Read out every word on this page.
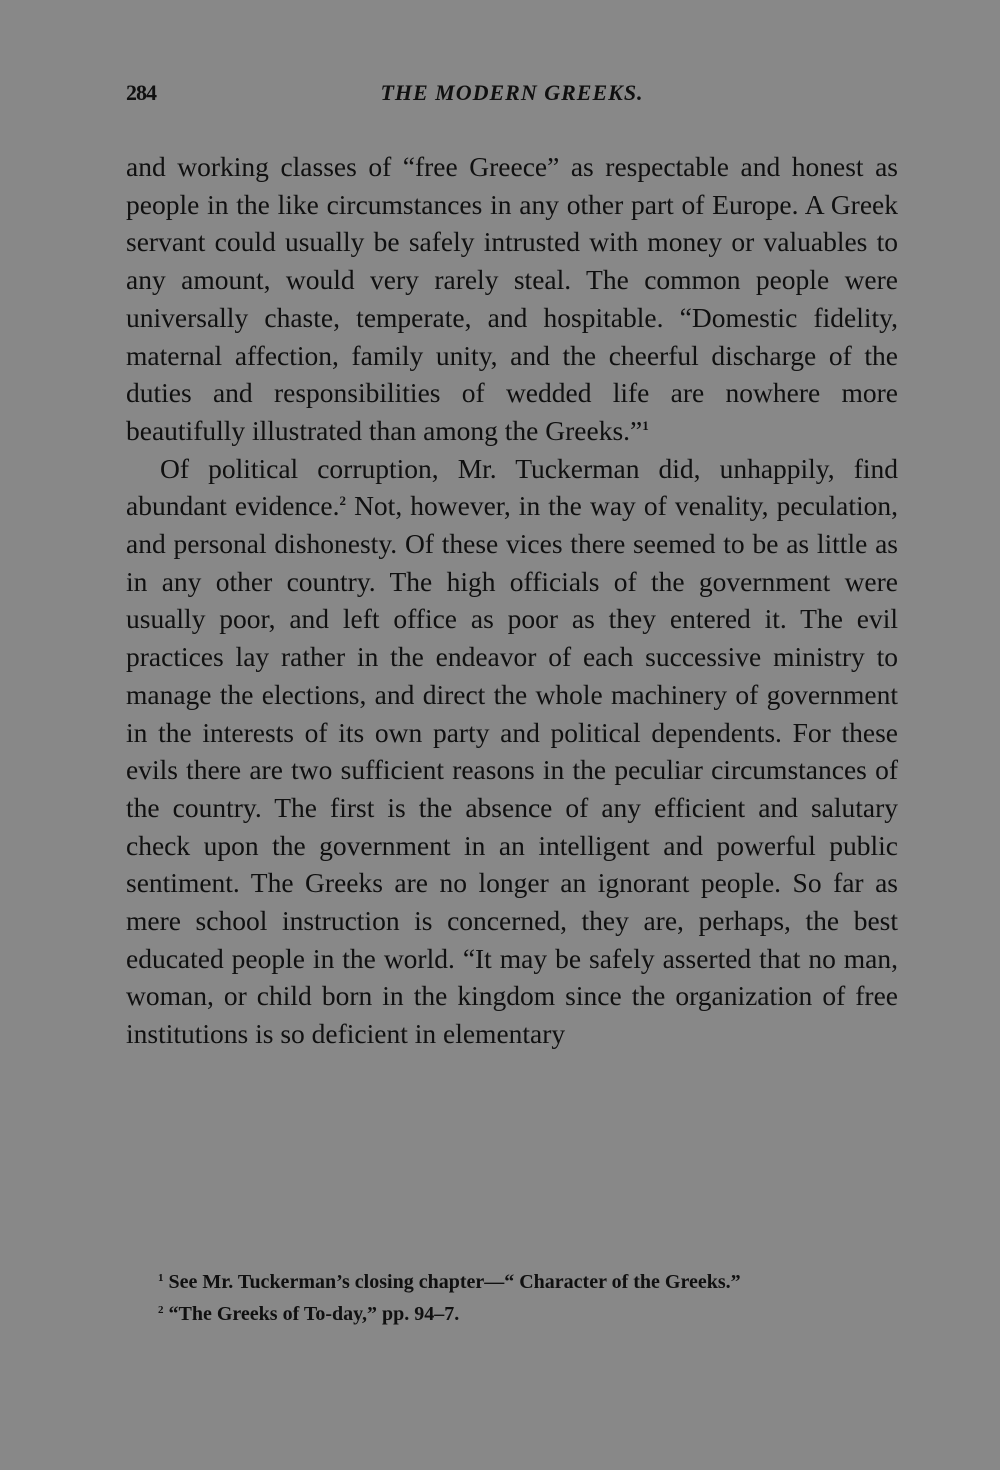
284	THE MODERN GREEKS.

and working classes of “free Greece” as respectable and honest as people in the like circumstances in any other part of Europe. A Greek servant could usually be safely intrusted with money or valuables to any amount, would very rarely steal. The common people were universally chaste, temperate, and hospitable. “Domestic fidelity, maternal affection, family unity, and the cheerful discharge of the duties and responsibilities of wedded life are nowhere more beautifully illustrated than among the Greeks.”$^1$

Of political corruption, Mr. Tuckerman did, unhappily, find abundant evidence.$^2$ Not, however, in the way of venality, peculation, and personal dishonesty. Of these vices there seemed to be as little as in any other country. The high officials of the government were usually poor, and left office as poor as they entered it. The evil practices lay rather in the endeavor of each successive ministry to manage the elections, and direct the whole machinery of government in the interests of its own party and political dependents. For these evils there are two sufficient reasons in the peculiar circumstances of the country. The first is the absence of any efficient and salutary check upon the government in an intelligent and powerful public sentiment. The Greeks are no longer an ignorant people. So far as mere school instruction is concerned, they are, perhaps, the best educated people in the world. “It may be safely asserted that no man, woman, or child born in the kingdom since the organization of free institutions is so deficient in elementary

$^1$ See Mr. Tuckerman’s closing chapter—“ Character of the Greeks.”

$^2$ “The Greeks of To-day,” pp. 94–7.
